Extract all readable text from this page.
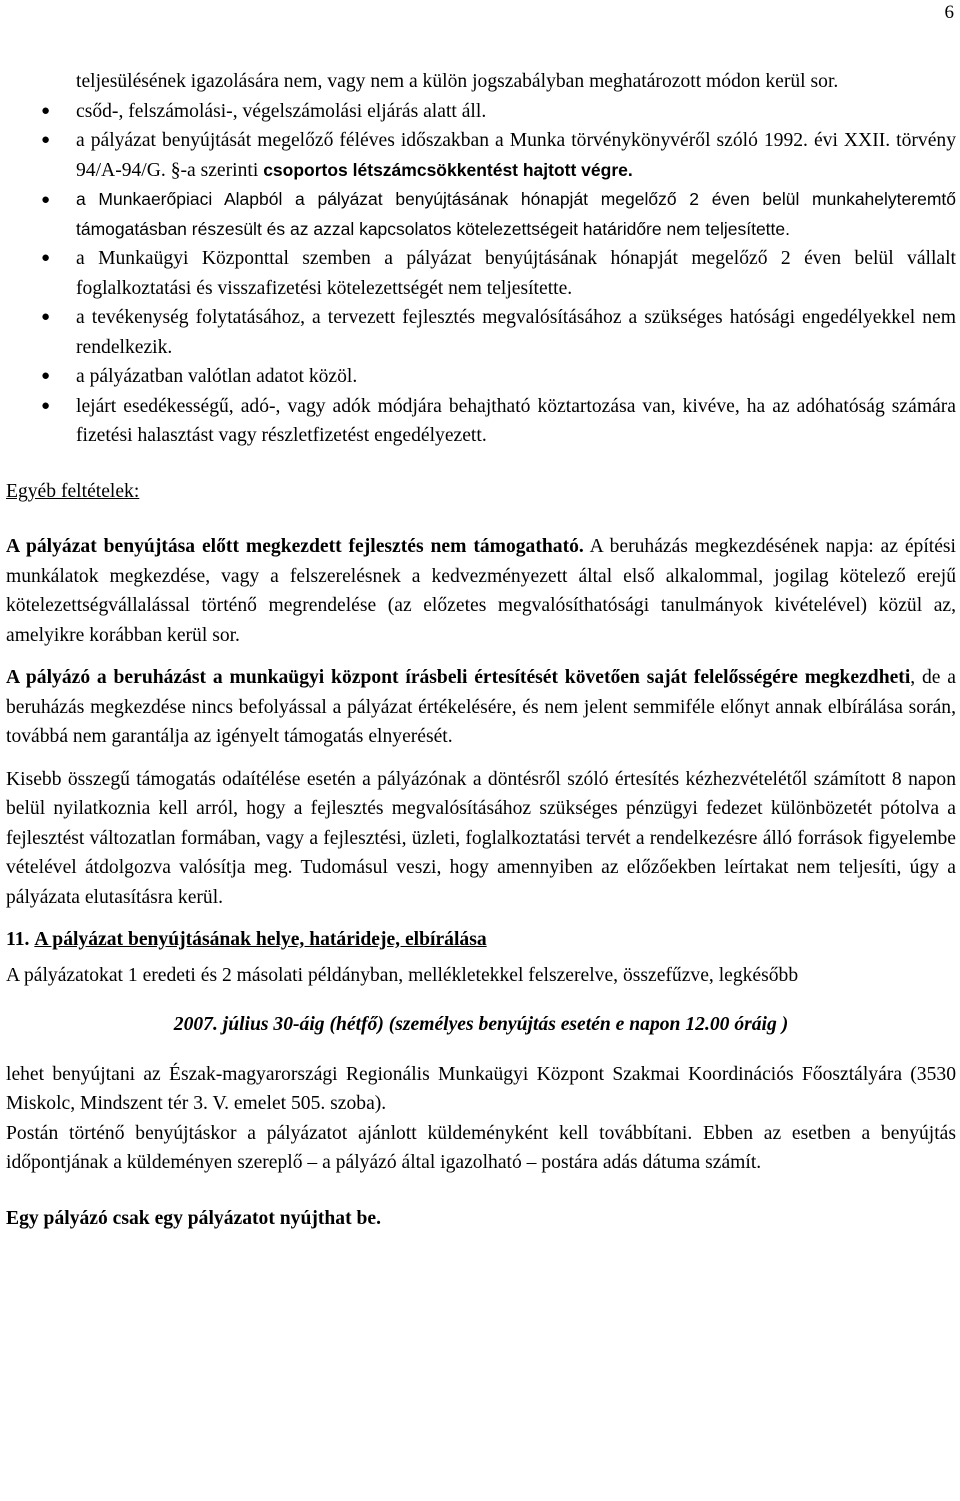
6
teljesülésének igazolására nem, vagy nem a külön jogszabályban meghatározott módon kerül sor.
● csőd-, felszámolási-, végelszámolási eljárás alatt áll.
● a pályázat benyújtását megelőző féléves időszakban a Munka törvénykönyvéről szóló 1992. évi XXII. törvény 94/A-94/G. §-a szerinti csoportos létszámcsökkentést hajtott végre.
● a Munkaerőpiaci Alapból a pályázat benyújtásának hónapját megelőző 2 éven belül munkahelyteremtő támogatásban részesült és az azzal kapcsolatos kötelezettségeit határidőre nem teljesítette.
● a Munkaügyi Központtal szemben a pályázat benyújtásának hónapját megelőző 2 éven belül vállalt foglalkoztatási és visszafizetési kötelezettségét nem teljesítette.
● a tevékenység folytatásához, a tervezett fejlesztés megvalósításához a szükséges hatósági engedélyekkel nem rendelkezik.
● a pályázatban valótlan adatot közöl.
● lejárt esedékességű, adó-, vagy adók módjára behajtható köztartozása van, kivéve, ha az adóhatóság számára fizetési halasztást vagy részletfizetést engedélyezett.

Egyéb feltételek:

A pályázat benyújtása előtt megkezdett fejlesztés nem támogatható. A beruházás megkezdésének napja: az építési munkálatok megkezdése, vagy a felszerelésnek a kedvezményezett által első alkalommal, jogilag kötelező erejű kötelezettségvállalással történő megrendelése (az előzetes megvalósíthatósági tanulmányok kivételével) közül az, amelyikre korábban kerül sor.

A pályázó a beruházást a munkaügyi központ írásbeli értesítését követően saját felelősségére megkezdheti, de a beruházás megkezdése nincs befolyással a pályázat értékelésére, és nem jelent semmiféle előnyt annak elbírálása során, továbbá nem garantálja az igényelt támogatás elnyerését.

Kisebb összegű támogatás odaítélése esetén a pályázónak a döntésről szóló értesítés kézhezvételétől számított 8 napon belül nyilatkoznia kell arról, hogy a fejlesztés megvalósításához szükséges pénzügyi fedezet különbözetét pótolva a fejlesztést változatlan formában, vagy a fejlesztési, üzleti, foglalkoztatási tervét a rendelkezésre álló források figyelembe vételével átdolgozva valósítja meg. Tudomásul veszi, hogy amennyiben az előzőekben leírtakat nem teljesíti, úgy a pályázata elutasításra kerül.

11. A pályázat benyújtásának helye, határideje, elbírálása

A pályázatokat 1 eredeti és 2 másolati példányban, mellékletekkel felszerelve, összefűzve, legkésőbb

2007. július 30-áig (hétfő) (személyes benyújtás esetén e napon 12.00 óráig )

lehet benyújtani az Észak-magyarországi Regionális Munkaügyi Központ Szakmai Koordinációs Főosztályára (3530 Miskolc, Mindszent tér 3. V. emelet 505. szoba).

Postán történő benyújtáskor a pályázatot ajánlott küldeményként kell továbbítani. Ebben az esetben a benyújtás időpontjának a küldeményen szereplő – a pályázó által igazolható – postára adás dátuma számít.

Egy pályázó csak egy pályázatot nyújthat be.
